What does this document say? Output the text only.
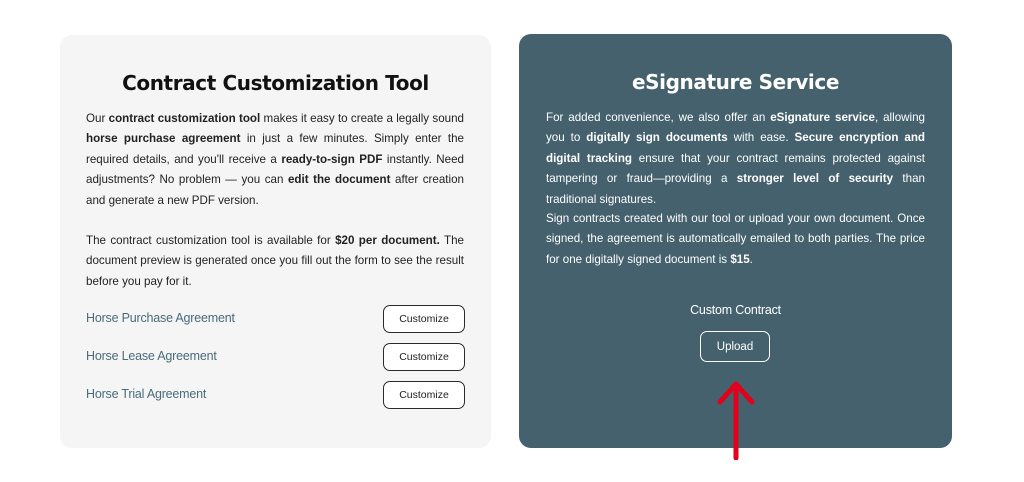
Contract Customization Tool

Our contract customization tool makes it easy to create a legally sound horse purchase agreement in just a few minutes. Simply enter the required details, and you'll receive a ready-to-sign PDF instantly. Need adjustments? No problem — you can edit the document after creation and generate a new PDF version.

The contract customization tool is available for $20 per document. The document preview is generated once you fill out the form to see the result before you pay for it.

Horse Purchase Agreement	Customize
Horse Lease Agreement	Customize
Horse Trial Agreement	Customize
eSignature Service

For added convenience, we also offer an eSignature service, allowing you to digitally sign documents with ease. Secure encryption and digital tracking ensure that your contract remains protected against tampering or fraud—providing a stronger level of security than traditional signatures.

Sign contracts created with our tool or upload your own document. Once signed, the agreement is automatically emailed to both parties. The price for one digitally signed document is $15.

Custom Contract
Upload
